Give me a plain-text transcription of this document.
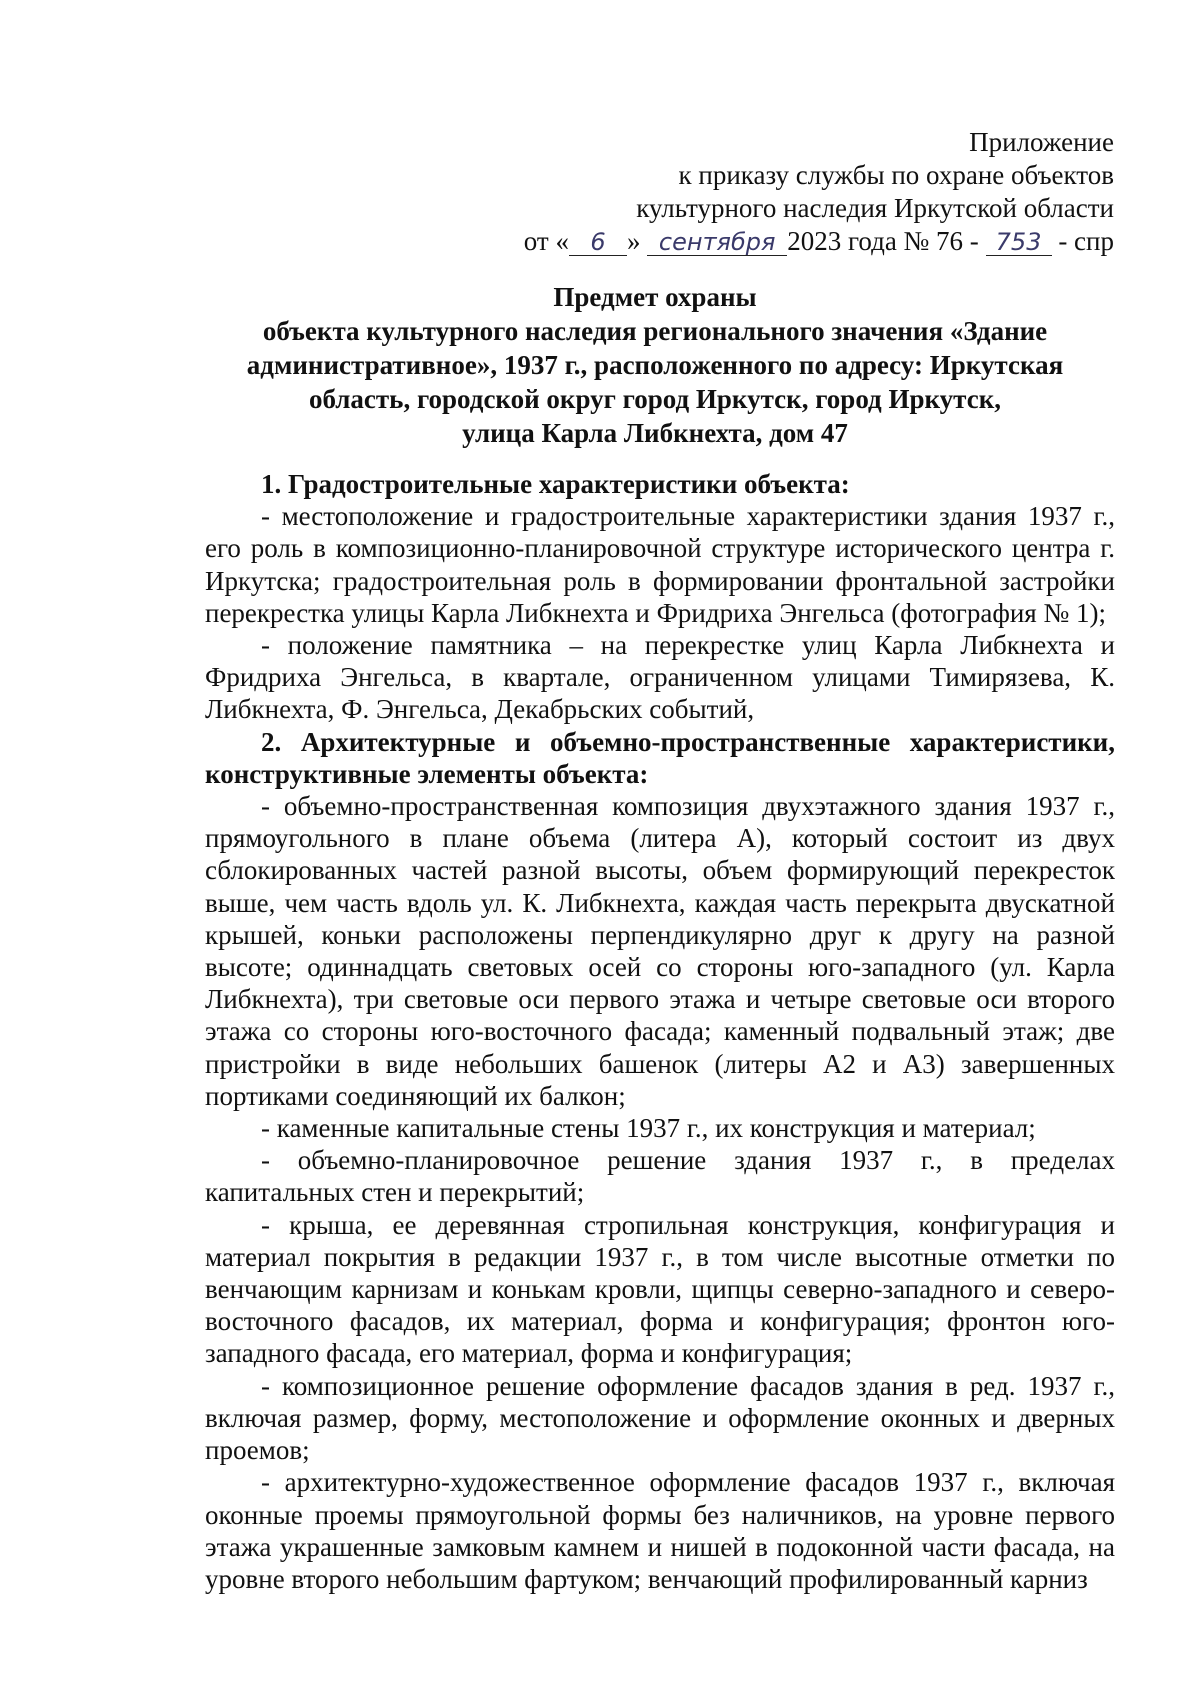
Приложение
к приказу службы по охране объектов
культурного наследия Иркутской области
от « 6 » сентября 2023 года № 76 - 753 - спр
Предмет охраны
объекта культурного наследия регионального значения «Здание
административное», 1937 г., расположенного по адресу: Иркутская
область, городской округ город Иркутск, город Иркутск,
улица Карла Либкнехта, дом 47

1. Градостроительные характеристики объекта:

- местоположение и градостроительные характеристики здания 1937 г., его роль в композиционно-планировочной структуре исторического центра г. Иркутска; градостроительная роль в формировании фронтальной застройки перекрестка улицы Карла Либкнехта и Фридриха Энгельса (фотография № 1);

- положение памятника – на перекрестке улиц Карла Либкнехта и Фридриха Энгельса, в квартале, ограниченном улицами Тимирязева, К. Либкнехта, Ф. Энгельса, Декабрьских событий,

2. Архитектурные и объемно-пространственные характеристики, конструктивные элементы объекта:

- объемно-пространственная композиция двухэтажного здания 1937 г., прямоугольного в плане объема (литера А), который состоит из двух сблокированных частей разной высоты, объем формирующий перекресток выше, чем часть вдоль ул. К. Либкнехта, каждая часть перекрыта двускатной крышей, коньки расположены перпендикулярно друг к другу на разной высоте; одиннадцать световых осей со стороны юго-западного (ул. Карла Либкнехта), три световые оси первого этажа и четыре световые оси второго этажа со стороны юго-восточного фасада; каменный подвальный этаж; две пристройки в виде небольших башенок (литеры А2 и А3) завершенных портиками соединяющий их балкон;

- каменные капитальные стены 1937 г., их конструкция и материал;

- объемно-планировочное решение здания 1937 г., в пределах капитальных стен и перекрытий;

- крыша, ее деревянная стропильная конструкция, конфигурация и материал покрытия в редакции 1937 г., в том числе высотные отметки по венчающим карнизам и конькам кровли, щипцы северно-западного и северо-восточного фасадов, их материал, форма и конфигурация; фронтон юго-западного фасада, его материал, форма и конфигурация;

- композиционное решение оформление фасадов здания в ред. 1937 г., включая размер, форму, местоположение и оформление оконных и дверных проемов;

- архитектурно-художественное оформление фасадов 1937 г., включая оконные проемы прямоугольной формы без наличников, на уровне первого этажа украшенные замковым камнем и нишей в подоконной части фасада, на уровне второго небольшим фартуком; венчающий профилированный карниз
